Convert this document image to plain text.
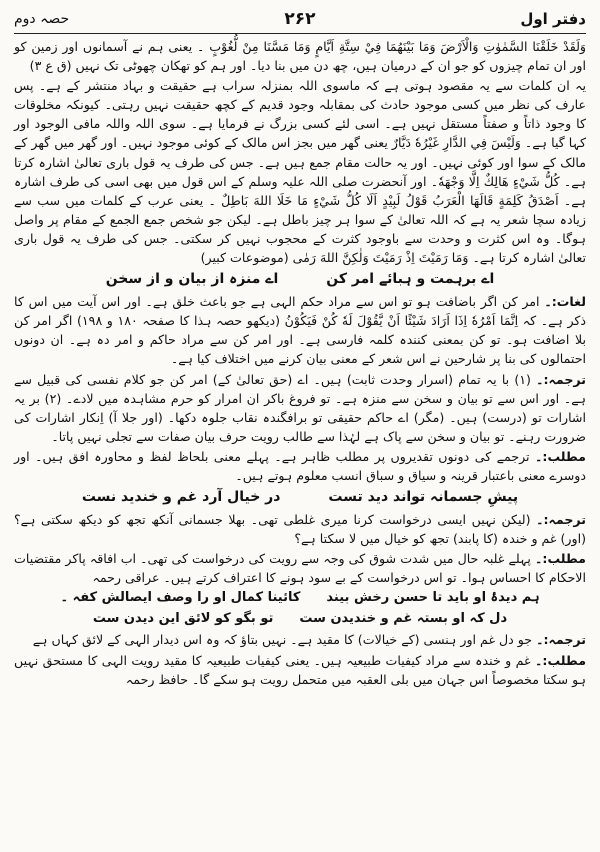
حصہ دوم	۲۶۲	دفتر اول

وَلَقَدْ خَلَقْنَا السَّمٰوٰتِ وَالْاَرْضَ وَمَا بَيْنَهُمَا فِيْ سِتَّةِ اَيَّامٍ وَمَا مَسَّنَا مِنْ لُّغُوْبٍ ۔ یعنی ہم نے آسمانوں اور زمین کو اور ان تمام چیزوں کو جو ان کے درمیان ہیں، چھ دن میں بنا دیا۔ اور ہم کو تھکان چھوٹی تک نہیں (ق ع ۳)

یہ ان کلمات سے یہ مقصود ہوتی ہے کہ ماسوی اللہ بمنزلہ سراب ہے حقیقت و بہاد منتشر کے ہے۔ پس عارف کی نظر میں کسی موجود حادث کی بمقابلہ وجود قدیم کے کچھ حقیقت نہیں رہتی۔ کیونکہ مخلوقات کا وجود ذاتاً و صفتاً مستقل نہیں ہے۔ اسی لئے کسی بزرگ نے فرمایا ہے۔ سوی اللہ واللہ مافی الوجود اور کہا گیا ہے۔ وَلَيْسَ فِي الدَّارِ غَيْرُهٗ دَيَّارٌ یعنی گھر میں بجز اس مالک کے کوئی موجود نہیں۔ اور گھر میں گھر کے مالک کے سوا اور کوئی نہیں۔ اور یہ حالت مقام جمع ہیں ہے۔ جس کی طرف یہ قول باری تعالیٰ اشارہ کرتا ہے۔ كُلُّ شَيْءٍ هَالِكٌ اِلَّا وَجْهَهٗ۔ اور آنحضرت صلی اللہ علیہ وسلم کے اس قول میں بھی اسی کی طرف اشارہ ہے۔ اَصْدَقُ كَلِمَةٍ قَالَهَا الْعَرَبُ قَوْلُ لَبِيْدٍ اَلَا كُلُّ شَيْءٍ مَا خَلَا اللهَ بَاطِلٌ ۔ یعنی عرب کے کلمات میں سب سے زیادہ سچا شعر یہ ہے کہ اللہ تعالیٰ کے سوا ہر چیز باطل ہے۔ لیکن جو شخص جمع الجمع کے مقام پر واصل ہوگا۔ وہ اس کثرت و وحدت سے باوجود کثرت کے محجوب نہیں کر سکتی۔ جس کی طرف یہ قول باری تعالیٰ اشارہ کرتا ہے۔ وَمَا رَمَيْتَ اِذْ رَمَيْتَ وَلٰكِنَّ اللهَ رَمٰى (موضوعات کبیر)

اے برہمت و ہبائے امر کن
اے منزہ از بیان و از سخن

لغات:۔ امر کن اگر باضافت ہو تو اس سے مراد حکم الہی ہے جو باعث خلق ہے۔ اور اس آیت میں اس کا ذکر ہے۔ کہ اِنَّمَا اَمْرُهٗ اِذَا اَرَادَ شَيْئًا اَنْ يَّقُوْلَ لَهٗ كُنْ فَيَكُوْنُ (دیکھو حصہ ہذا کا صفحہ ۱۸۰ و ۱۹۸) اگر امر کن بلا اضافت ہو۔ تو کن بمعنی کنندہ کلمہ فارسی ہے۔ اور امر کن سے مراد حاکم و امر دہ ہے۔ ان دونوں احتمالوں کی بنا پر شارحین نے اس شعر کے معنی بیان کرنے میں اختلاف کیا ہے۔

ترجمہ:۔ (۱) با یہ تمام (اسرار وحدت ثابت) ہیں۔ اے (حق تعالیٰ کے) امر کن جو کلام نفسی کی قبیل سے ہے۔ اور اس سے تو بیان و سخن سے منزہ ہے۔ تو فروغ باکر ان امرار کو حرم مشاہدہ میں لادے۔ (۲) بر یہ اشارات تو (درست) ہیں۔ (مگر) اے حاکم حقیقی تو برافگندہ نقاب جلوہ دکھا۔ (اور جلا آ) اِنکار اشارات کی ضرورت رہنے۔ تو بیان و سخن سے پاک ہے لہٰذا سے طالب رویت حرف بیان صفات سے تجلی نہیں پاتا۔

مطلب:۔ ترجمے کی دونوں تقدیروں پر مطلب ظاہر ہے۔ پہلے معنی بلحاظ لفظ و محاورہ افق ہیں۔ اور دوسرے معنی باعتبار قرینہ و سیاق و سباق انسب معلوم ہوتے ہیں۔

پیشِ جسمانہ تواند دید تست
در خیال آرد غم و خندید نست

ترجمہ:۔ (لیکن نہیں ایسی درخواست کرنا میری غلطی تھی۔ بھلا جسمانی آنکھ تجھ کو دیکھ سکتی ہے؟ (اور) غم و خندہ (کا پابند) تجھ کو خیال میں لا سکتا ہے؟

مطلب:۔ پہلے غلبہ حال میں شدت شوق کی وجہ سے رویت کی درخواست کی تھی۔ اب افاقہ پاکر مقتضیات الاحکام کا احساس ہوا۔ تو اس درخواست کے بے سود ہونے کا اعتراف کرتے ہیں۔ عراقی رحمہ

ہم دیدۂ او باید تا حسن رخش بیند
کائینا کمال او را وصف ایصالش کفہ ۔
دل کہ او بستہ غم و خندیدن ست
تو بگو کو لائق این دیدن ست

ترجمہ:۔ جو دل غم اور ہنسی (کے خیالات) کا مقید ہے۔ نہیں بتاؤ کہ وہ اس دیدار الہی کے لائق کہاں ہے

مطلب:۔ غم و خندہ سے مراد کیفیات طبیعیہ ہیں۔ یعنی کیفیات طبیعیہ کا مقید رویت الہی کا مستحق نہیں ہو سکتا مخصوصاً اس جہان میں بلی العقبہ میں متحمل رویت ہو سکے گا۔ حافظ رحمہ
